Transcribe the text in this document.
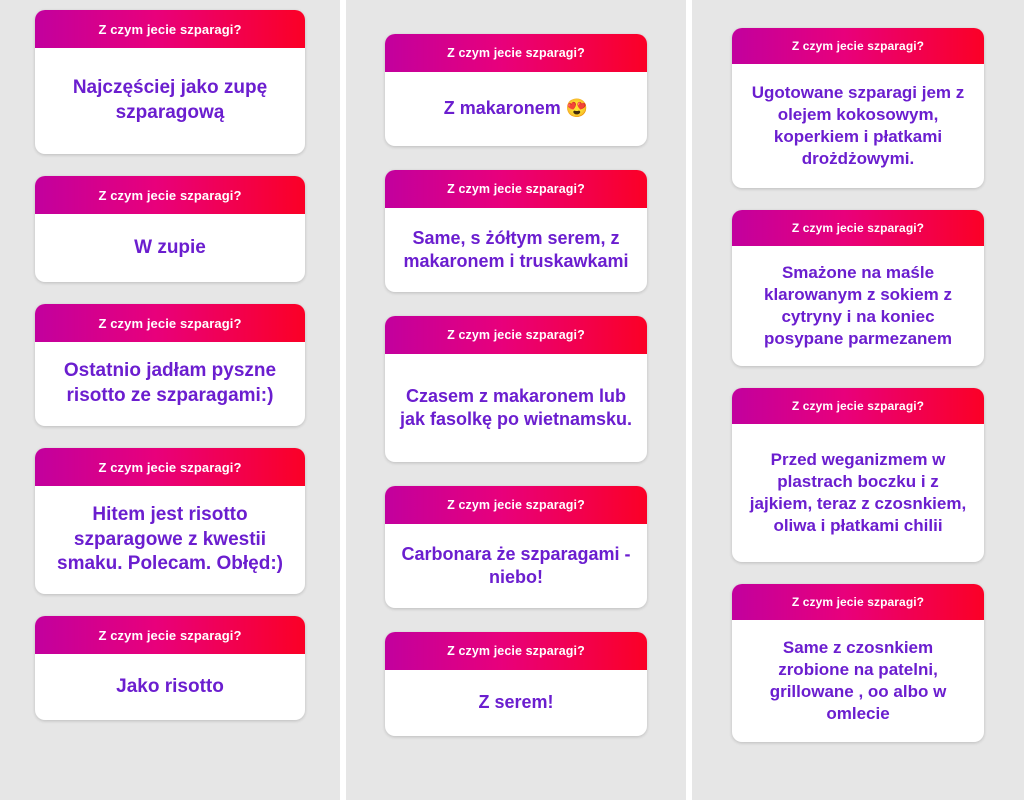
Z czym jecie szparagi?
Najczęściej jako zupę szparagową
Z czym jecie szparagi?
W zupie
Z czym jecie szparagi?
Ostatnio jadłam pyszne risotto ze szparagami:)
Z czym jecie szparagi?
Hitem jest risotto szparagowe z kwestii smaku. Polecam. Obłęd:)
Z czym jecie szparagi?
Jako risotto
Z czym jecie szparagi?
Z makaronem 😍
Z czym jecie szparagi?
Same, s żółtym serem, z makaronem i truskawkami
Z czym jecie szparagi?
Czasem z makaronem lub jak fasolkę po wietnamsku.
Z czym jecie szparagi?
Carbonara że szparagami - niebo!
Z czym jecie szparagi?
Z serem!
Z czym jecie szparagi?
Ugotowane szparagi jem z olejem kokosowym, koperkiem i płatkami drożdżowymi.
Z czym jecie szparagi?
Smażone na maśle klarowanym z sokiem z cytryny i na koniec posypane parmezanem
Z czym jecie szparagi?
Przed weganizmem w plastrach boczku i z jajkiem, teraz z czosnkiem, oliwa i płatkami chilii
Z czym jecie szparagi?
Same z czosnkiem zrobione na patelni, grillowane , oo albo w omlecie
